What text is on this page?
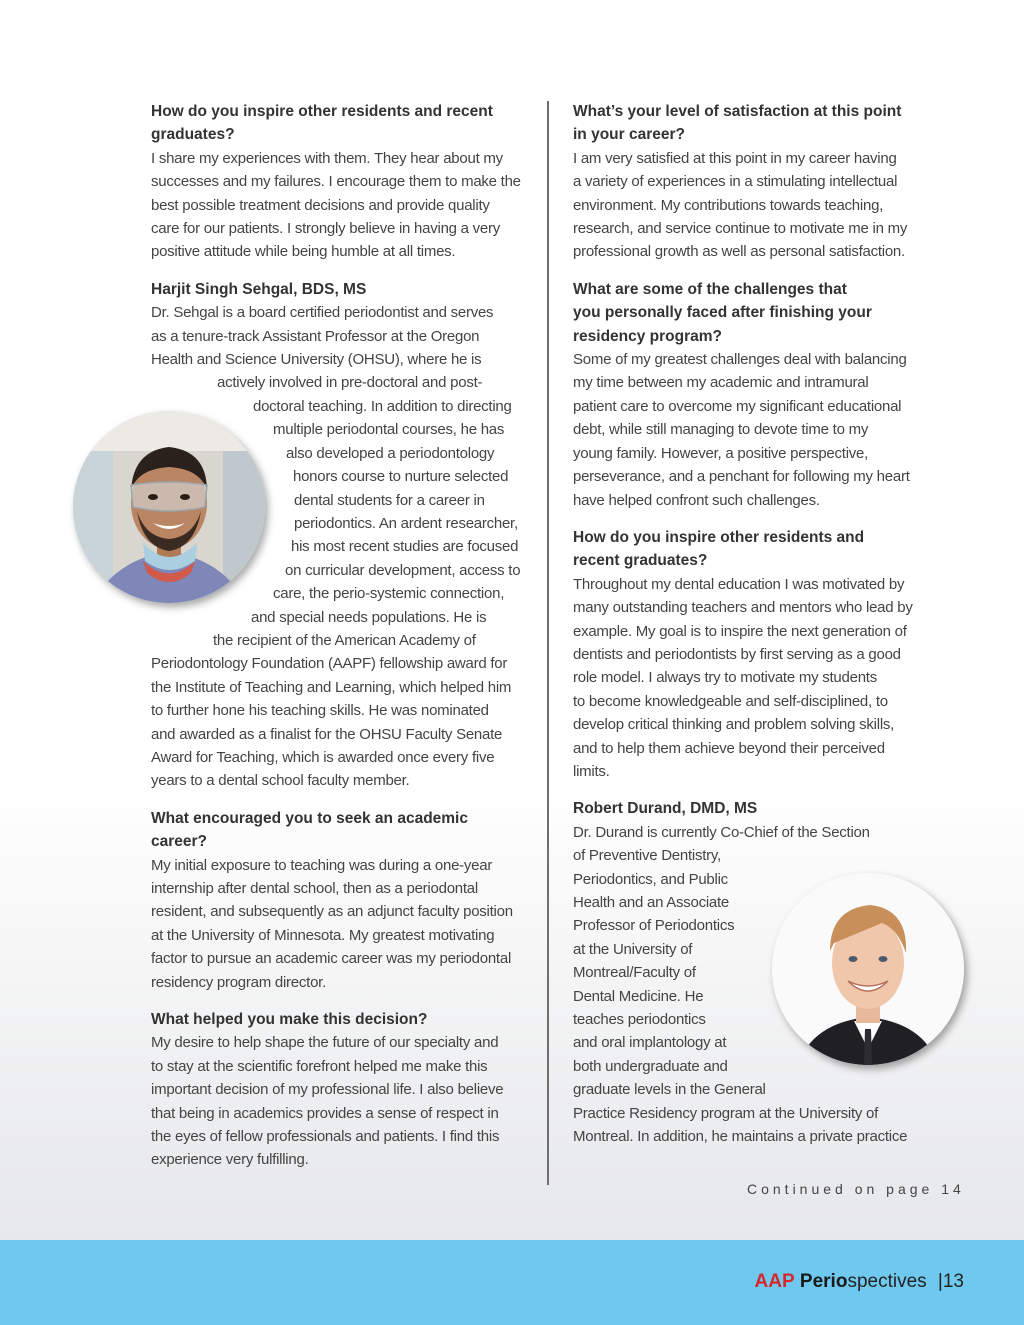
How do you inspire other residents and recent
graduates?
I share my experiences with them. They hear about my
successes and my failures. I encourage them to make the
best possible treatment decisions and provide quality
care for our patients. I strongly believe in having a very
positive attitude while being humble at all times.
Harjit Singh Sehgal, BDS, MS
Dr. Sehgal is a board certified periodontist and serves
as a tenure-track Assistant Professor at the Oregon
Health and Science University (OHSU), where he is
actively involved in pre-doctoral and post-
doctoral teaching. In addition to directing
multiple periodontal courses, he has
also developed a periodontology
honors course to nurture selected
dental students for a career in
periodontics. An ardent researcher,
his most recent studies are focused
on curricular development, access to
care, the perio-systemic connection,
and special needs populations. He is
the recipient of the American Academy of
Periodontology Foundation (AAPF) fellowship award for
the Institute of Teaching and Learning, which helped him
to further hone his teaching skills. He was nominated
and awarded as a finalist for the OHSU Faculty Senate
Award for Teaching, which is awarded once every five
years to a dental school faculty member.
What encouraged you to seek an academic
career?
My initial exposure to teaching was during a one-year
internship after dental school, then as a periodontal
resident, and subsequently as an adjunct faculty position
at the University of Minnesota. My greatest motivating
factor to pursue an academic career was my periodontal
residency program director.
What helped you make this decision?
My desire to help shape the future of our specialty and
to stay at the scientific forefront helped me make this
important decision of my professional life. I also believe
that being in academics provides a sense of respect in
the eyes of fellow professionals and patients. I find this
experience very fulfilling.
What’s your level of satisfaction at this point
in your career?
I am very satisfied at this point in my career having
a variety of experiences in a stimulating intellectual
environment. My contributions towards teaching,
research, and service continue to motivate me in my
professional growth as well as personal satisfaction.
What are some of the challenges that
you personally faced after finishing your
residency program?
Some of my greatest challenges deal with balancing
my time between my academic and intramural
patient care to overcome my significant educational
debt, while still managing to devote time to my
young family. However, a positive perspective,
perseverance, and a penchant for following my heart
have helped confront such challenges.
How do you inspire other residents and
recent graduates?
Throughout my dental education I was motivated by
many outstanding teachers and mentors who lead by
example. My goal is to inspire the next generation of
dentists and periodontists by first serving as a good
role model. I always try to motivate my students
to become knowledgeable and self-disciplined, to
develop critical thinking and problem solving skills,
and to help them achieve beyond their perceived
limits.
Robert Durand, DMD, MS
Dr. Durand is currently Co-Chief of the Section
of Preventive Dentistry,
Periodontics, and Public
Health and an Associate
Professor of Periodontics
at the University of
Montreal/Faculty of
Dental Medicine. He
teaches periodontics
and oral implantology at
both undergraduate and
graduate levels in the General
Practice Residency program at the University of
Montreal. In addition, he maintains a private practice
Continued on page 14
AAP Periospectives |13
